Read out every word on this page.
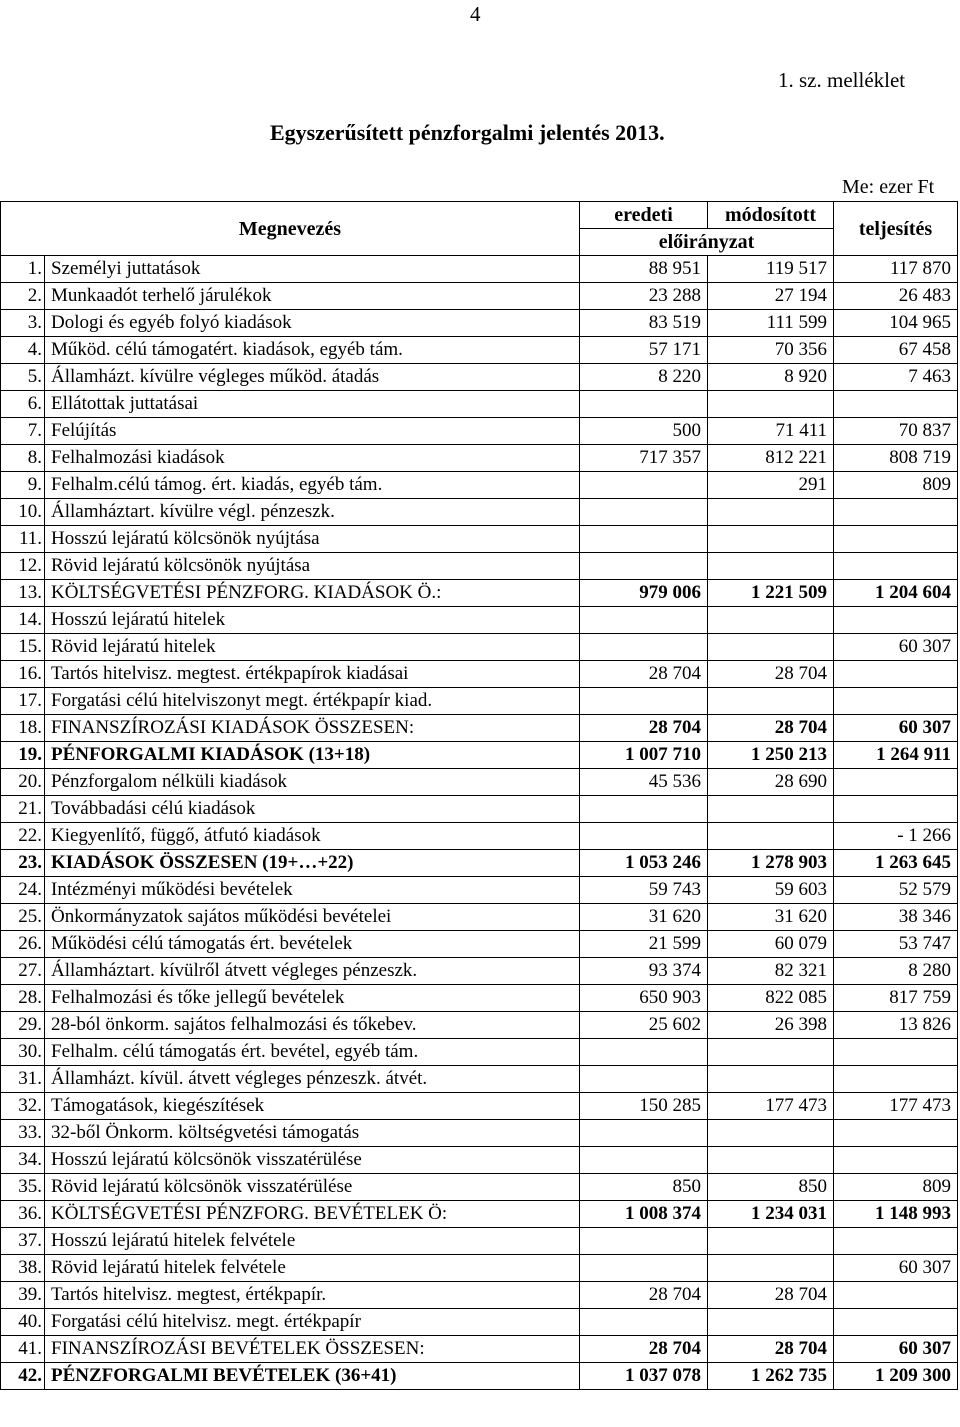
4
1. sz. melléklet
Egyszerűsített pénzforgalmi jelentés 2013.
Me: ezer Ft
Megnevezés		eredeti	módosított	teljesítés
		előirányzat		
1.	Személyi juttatások	88 951	119 517	117 870
2.	Munkaadót terhelő járulékok	23 288	27 194	26 483
3.	Dologi és egyéb folyó kiadások	83 519	111 599	104 965
4.	Működ. célú támogatért. kiadások, egyéb tám.	57 171	70 356	67 458
5.	Államházt. kívülre végleges működ. átadás	8 220	8 920	7 463
6.	Ellátottak juttatásai			
7.	Felújítás	500	71 411	70 837
8.	Felhalmozási kiadások	717 357	812 221	808 719
9.	Felhalm.célú támog. ért. kiadás, egyéb tám.		291	809
10.	Államháztart. kívülre végl. pénzeszk.			
11.	Hosszú lejáratú kölcsönök nyújtása			
12.	Rövid lejáratú kölcsönök nyújtása			
13.	KÖLTSÉGVETÉSI PÉNZFORG. KIADÁSOK Ö.:	979 006	1 221 509	1 204 604
14.	Hosszú lejáratú hitelek			
15.	Rövid lejáratú hitelek			60 307
16.	Tartós hitelvisz. megtest. értékpapírok kiadásai	28 704	28 704	
17.	Forgatási célú hitelviszonyt megt. értékpapír kiad.			
18.	FINANSZÍROZÁSI KIADÁSOK ÖSSZESEN:	28 704	28 704	60 307
19.	PÉNFORGALMI KIADÁSOK (13+18)	1 007 710	1 250 213	1 264 911
20.	Pénzforgalom nélküli kiadások	45 536	28 690	
21.	Továbbadási célú kiadások			
22.	Kiegyenlítő, függő, átfutó kiadások			- 1 266
23.	KIADÁSOK ÖSSZESEN (19+…+22)	1 053 246	1 278 903	1 263 645
24.	Intézményi működési bevételek	59 743	59 603	52 579
25.	Önkormányzatok sajátos működési bevételei	31 620	31 620	38 346
26.	Működési célú támogatás ért. bevételek	21 599	60 079	53 747
27.	Államháztart. kívülről átvett végleges pénzeszk.	93 374	82 321	8 280
28.	Felhalmozási és tőke jellegű bevételek	650 903	822 085	817 759
29.	28-ból önkorm. sajátos felhalmozási és tőkebev.	25 602	26 398	13 826
30.	Felhalm. célú támogatás ért. bevétel, egyéb tám.			
31.	Államházt. kívül. átvett végleges pénzeszk. átvét.			
32.	Támogatások, kiegészítések	150 285	177 473	177 473
33.	32-ből Önkorm. költségvetési támogatás			
34.	Hosszú lejáratú kölcsönök visszatérülése			
35.	Rövid lejáratú kölcsönök visszatérülése	850	850	809
36.	KÖLTSÉGVETÉSI PÉNZFORG. BEVÉTELEK Ö:	1 008 374	1 234 031	1 148 993
37.	Hosszú lejáratú hitelek felvétele			
38.	Rövid lejáratú hitelek felvétele			60 307
39.	Tartós hitelvisz. megtest, értékpapír.	28 704	28 704	
40.	Forgatási célú hitelvisz. megt. értékpapír			
41.	FINANSZÍROZÁSI BEVÉTELEK ÖSSZESEN:	28 704	28 704	60 307
42.	PÉNZFORGALMI BEVÉTELEK (36+41)	1 037 078	1 262 735	1 209 300
